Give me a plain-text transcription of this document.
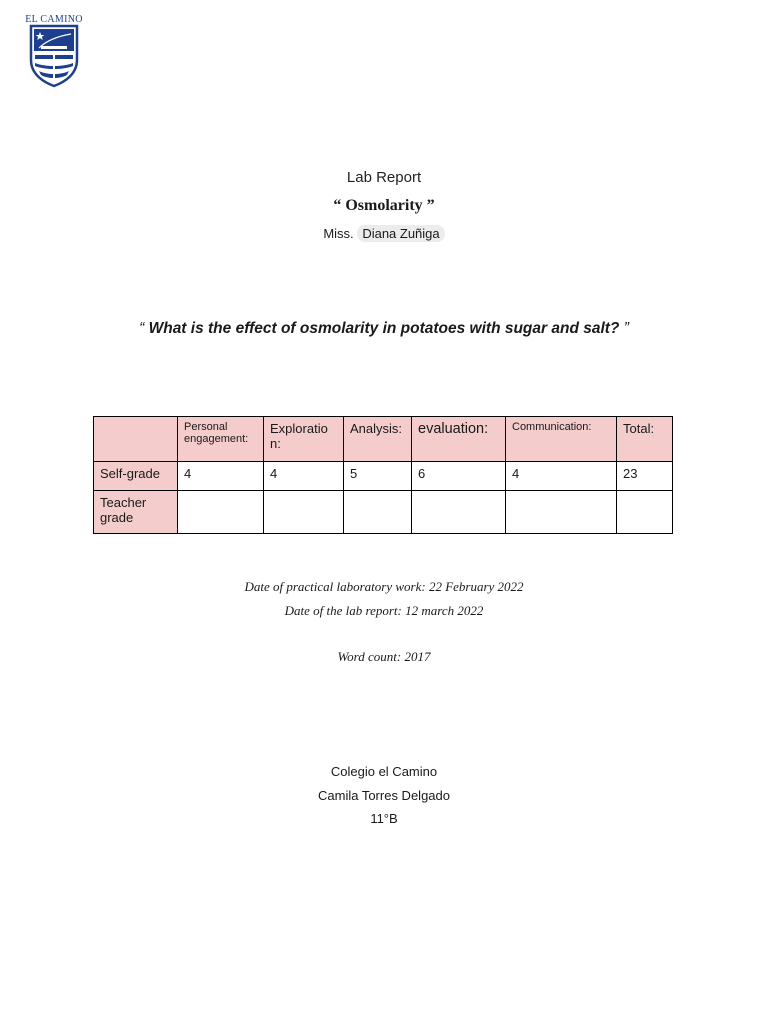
EL CAMINO
Lab Report
“ Osmolarity ”
Miss. Diana Zuñiga
“ What is the effect of osmolarity in potatoes with sugar and salt? ”
	Personal engagement:	Exploratio n:	Analysis:	evaluation:	Communication:	Total:
Self-grade	4	4	5	6	4	23
Teacher grade						
Date of practical laboratory work: 22 February 2022
Date of the lab report: 12 march 2022
Word count: 2017
Colegio el Camino
Camila Torres Delgado
11°B
